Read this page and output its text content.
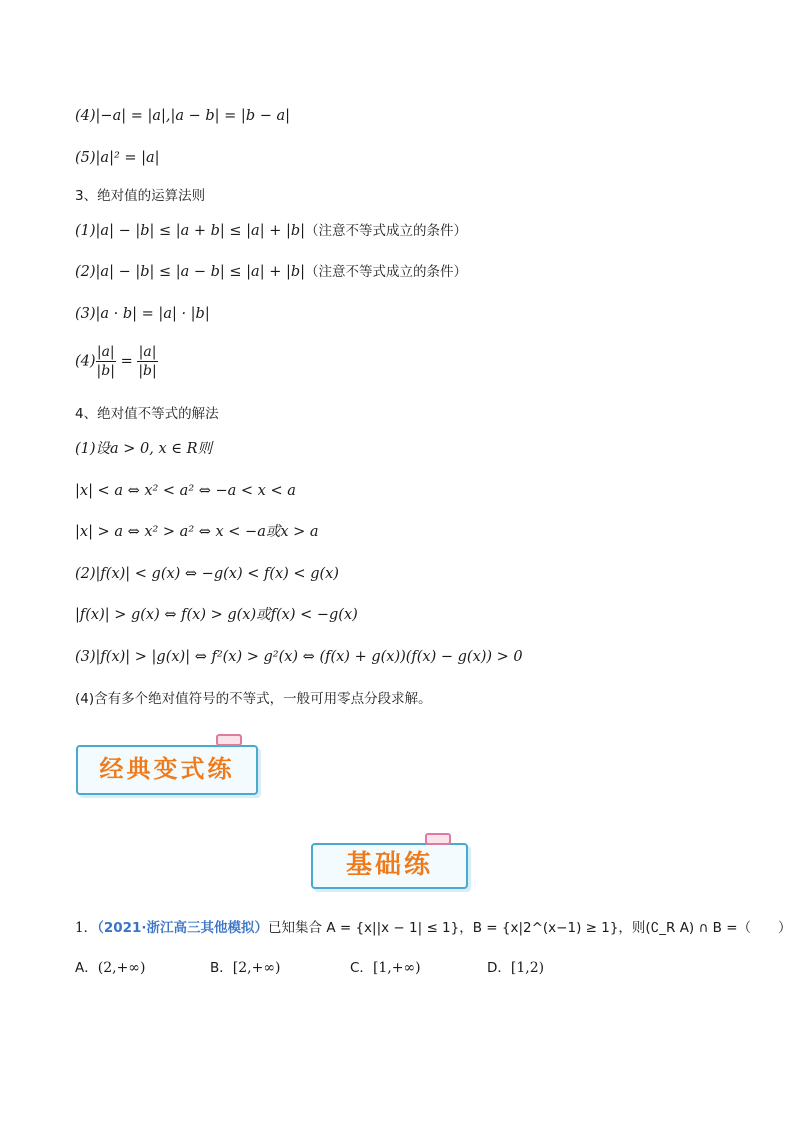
(4)|−a| = |a|,|a − b| = |b − a|
(5)|a|² = |a|
3、绝对值的运算法则
(1)|a| − |b| ≤ |a + b| ≤ |a| + |b|（注意不等式成立的条件）
(2)|a| − |b| ≤ |a − b| ≤ |a| + |b|（注意不等式成立的条件）
(3)|a · b| = |a| · |b|
$(4) \frac{|a|}{|b|} = \frac{|a|}{|b|}$
4、绝对值不等式的解法
(1)设a > 0, x ∈ R则
|x| < a ⇔ x² < a² ⇔ −a < x < a
|x| > a ⇔ x² > a² ⇔ x < −a或x > a
(2)|f(x)| < g(x) ⇔ −g(x) < f(x) < g(x)
|f(x)| > g(x) ⇔ f(x) > g(x)或f(x) < −g(x)
(3)|f(x)| > |g(x)| ⇔ f²(x) > g²(x) ⇔ (f(x) + g(x))(f(x) − g(x)) > 0
(4)含有多个绝对值符号的不等式，一般可用零点分段求解。
经典变式练
基础练
1．（2021·浙江高三其他模拟）已知集合 A = {x||x − 1| ≤ 1}，B = {x|2^(x−1) ≥ 1}，则(∁_R A) ∩ B =（　　）
A．(2,+∞)	B．[2,+∞)	C．[1,+∞)	D．[1,2)
